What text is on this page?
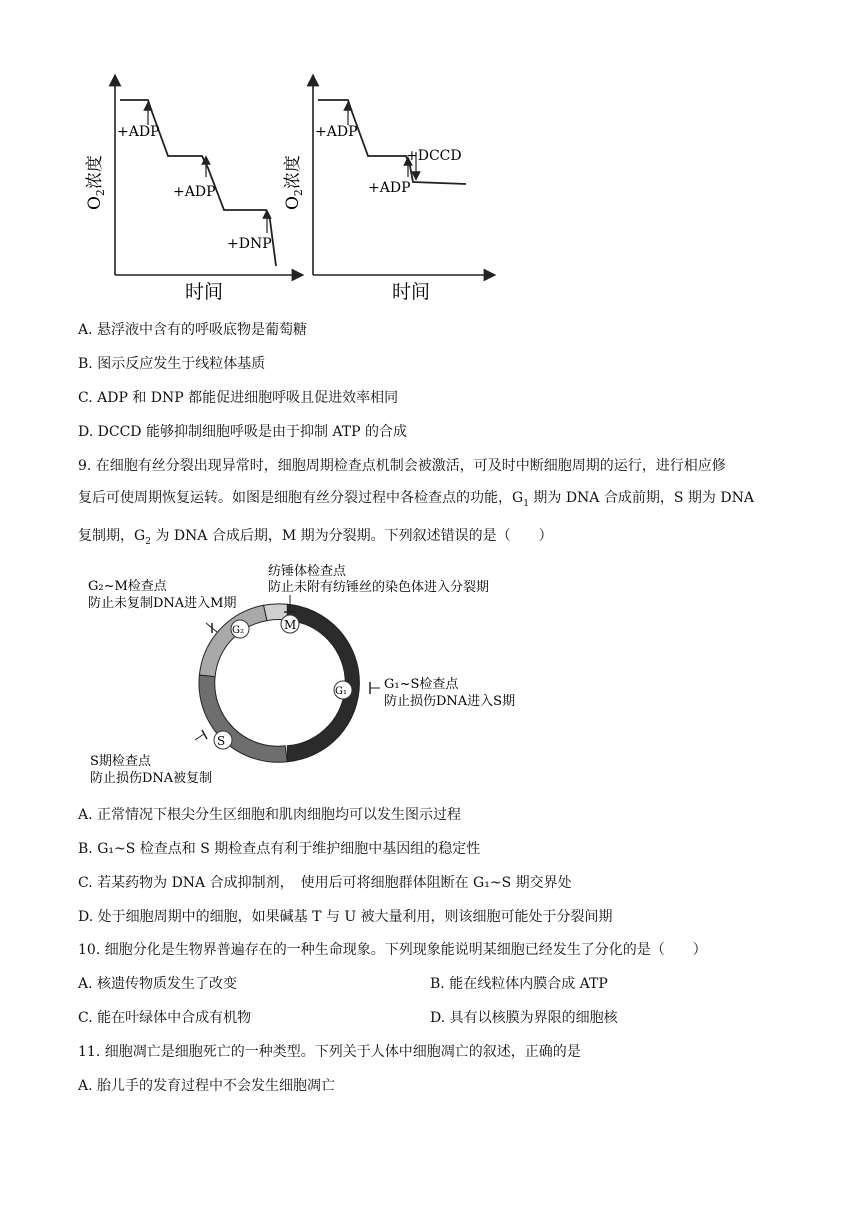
+ADP
+ADP
+DNP
$O_2$浓度
时间
+ADP
+DCCD
+ADP
$O_2$浓度
时间
A. 悬浮液中含有的呼吸底物是葡萄糖
B. 图示反应发生于线粒体基质
C. ADP 和 DNP 都能促进细胞呼吸且促进效率相同
D. DCCD 能够抑制细胞呼吸是由于抑制 ATP 的合成
9. 在细胞有丝分裂出现异常时，细胞周期检查点机制会被激活，可及时中断细胞周期的运行，进行相应修
复后可使周期恢复运转。如图是细胞有丝分裂过程中各检查点的功能，$G_1$ 期为 DNA 合成前期，S 期为 DNA
复制期，$G_2$ 为 DNA 合成后期，M 期为分裂期。下列叙述错误的是（　　）
G₂	M
G₁
S
G₂~M检查点
防止未复制DNA进入M期
纺锤体检查点
防止未附有纺锤丝的染色体进入分裂期
G₁~S检查点
防止损伤DNA进入S期
S期检查点
防止损伤DNA被复制
A. 正常情况下根尖分生区细胞和肌肉细胞均可以发生图示过程
B. G₁~S 检查点和 S 期检查点有利于维护细胞中基因组的稳定性
C. 若某药物为 DNA 合成抑制剂，　使用后可将细胞群体阻断在 G₁~S 期交界处
D. 处于细胞周期中的细胞，如果碱基 T 与 U 被大量利用，则该细胞可能处于分裂间期
10. 细胞分化是生物界普遍存在的一种生命现象。下列现象能说明某细胞已经发生了分化的是（　　）
A. 核遗传物质发生了改变	B. 能在线粒体内膜合成 ATP
C. 能在叶绿体中合成有机物	D. 具有以核膜为界限的细胞核
11. 细胞凋亡是细胞死亡的一种类型。下列关于人体中细胞凋亡的叙述，正确的是
A. 胎儿手的发育过程中不会发生细胞凋亡
